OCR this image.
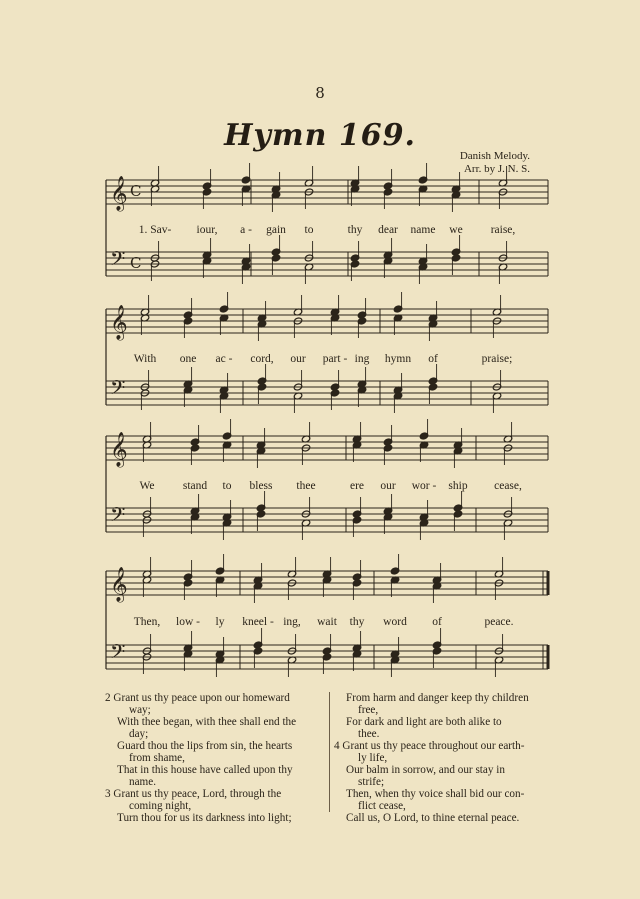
8
Hymn 169.
Danish Melody.
Arr. by J. N. S.
𝄞
𝄢
C
C
𝄞
𝄢
𝄞
𝄢
𝄞
𝄢
1. Sav- iour, a - gain to	thy dear name we raise,
With one ac - cord, our part - ing hymn of	praise;
We stand to bless thee	ere our wor - ship cease,
Then, low - ly kneel - ing, wait thy word of	peace.

2 Grant us thy peace upon our homeward

way;

With thee began, with thee shall end the

day;

Guard thou the lips from sin, the hearts

from shame,

That in this house have called upon thy

name.

3 Grant us thy peace, Lord, through the

coming night,

Turn thou for us its darkness into light;

From harm and danger keep thy children

free,

For dark and light are both alike to

thee.

4 Grant us thy peace throughout our earth-

ly life,

Our balm in sorrow, and our stay in

strife;

Then, when thy voice shall bid our con-

flict cease,

Call us, O Lord, to thine eternal peace.
